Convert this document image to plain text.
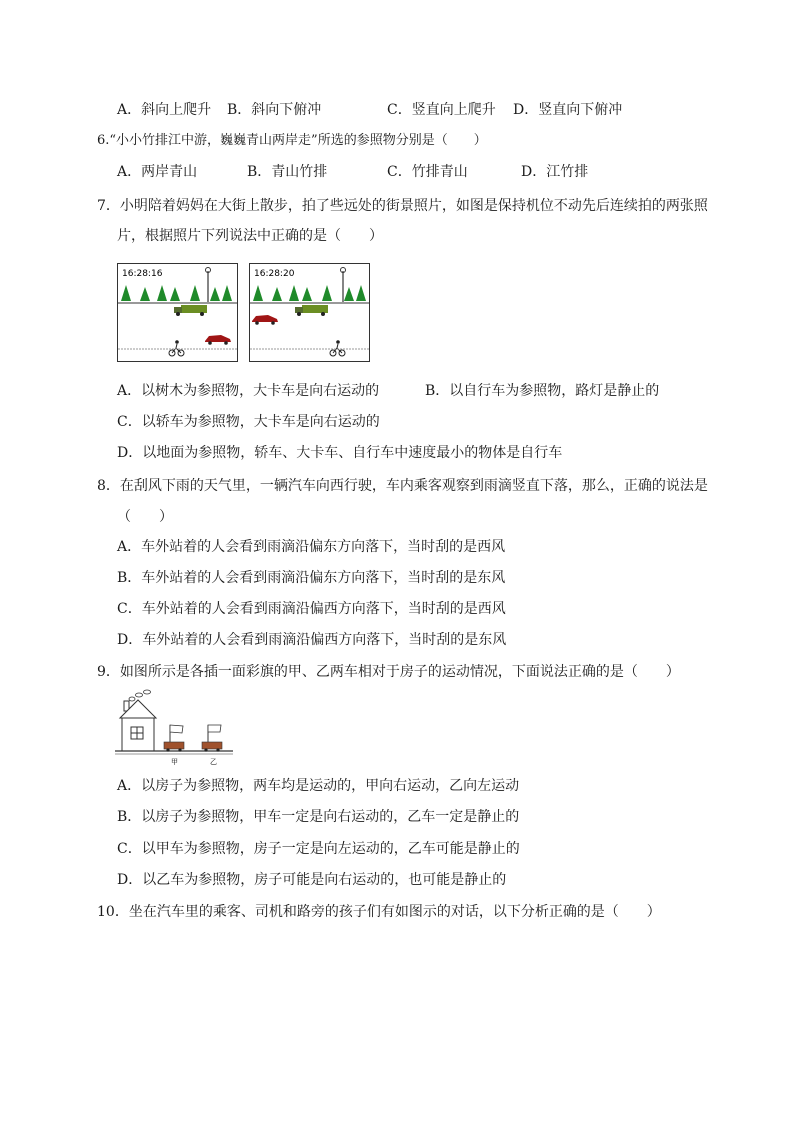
A．斜向上爬升 B．斜向下俯冲	C．竖直向上爬升 D．竖直向下俯冲
6.“小小竹排江中游，巍巍青山两岸走”所选的参照物分别是（　　）
A．两岸青山	B．青山竹排	C．竹排青山	D．江竹排
7．小明陪着妈妈在大街上散步，拍了些远处的街景照片，如图是保持机位不动先后连续拍的两张照
片，根据照片下列说法中正确的是（　　）
16:28:16	16:28:20
A．以树木为参照物，大卡车是向右运动的	B．以自行车为参照物，路灯是静止的
C．以轿车为参照物，大卡车是向右运动的
D．以地面为参照物，轿车、大卡车、自行车中速度最小的物体是自行车
8．在刮风下雨的天气里，一辆汽车向西行驶，车内乘客观察到雨滴竖直下落，那么，正确的说法是
（　　）
A．车外站着的人会看到雨滴沿偏东方向落下，当时刮的是西风
B．车外站着的人会看到雨滴沿偏东方向落下，当时刮的是东风
C．车外站着的人会看到雨滴沿偏西方向落下，当时刮的是西风
D．车外站着的人会看到雨滴沿偏西方向落下，当时刮的是东风
9．如图所示是各插一面彩旗的甲、乙两车相对于房子的运动情况，下面说法正确的是（　　）
甲	乙
A．以房子为参照物，两车均是运动的，甲向右运动，乙向左运动
B．以房子为参照物，甲车一定是向右运动的，乙车一定是静止的
C．以甲车为参照物，房子一定是向左运动的，乙车可能是静止的
D．以乙车为参照物，房子可能是向右运动的，也可能是静止的
10．坐在汽车里的乘客、司机和路旁的孩子们有如图示的对话，以下分析正确的是（　　）
